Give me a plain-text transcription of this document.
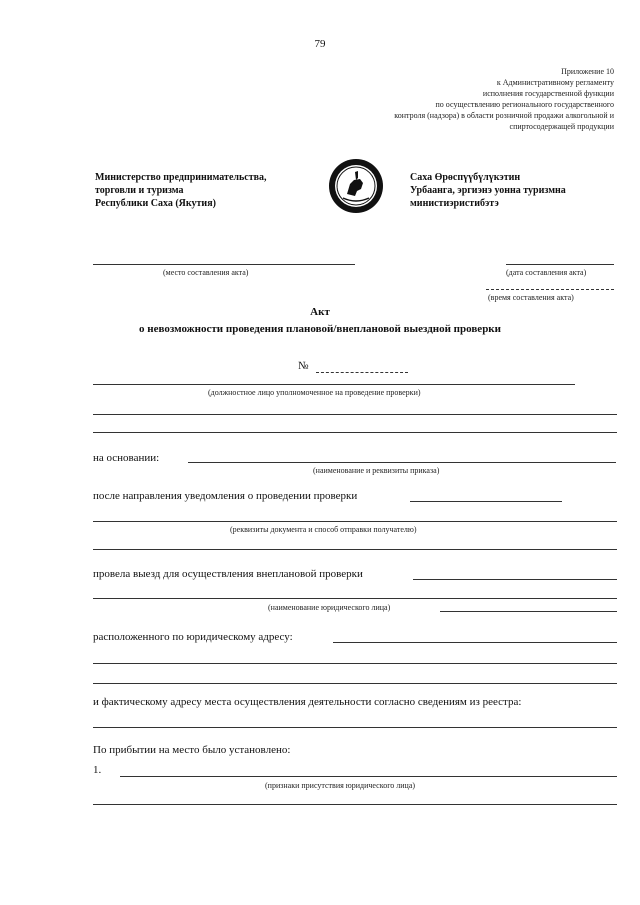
79
Приложение 10
к Административному регламенту
исполнения государственной функции
по осуществлению регионального государственного
контроля (надзора) в области розничной продажи алкогольной и
спиртосодержащей продукции
Министерство предпринимательства,
торговли и туризма
Республики Саха (Якутия)
Саха Өрөспүүбүлүкэтин
Урбаанга, эргиэнэ уонна туризмна
министиэристибэтэ
(место составления акта)	(дата составления акта)
(время составления акта)
Акт
о невозможности проведения плановой/внеплановой выездной проверки
№
(должностное лицо уполномоченное на проведение проверки)
на основании:
(наименование и реквизиты приказа)
после направления уведомления о проведении проверки
(реквизиты документа и способ отправки получателю)
провела выезд для осуществления внеплановой проверки
(наименование юридического лица)
расположенного по юридическому адресу:
и фактическому адресу места осуществления деятельности согласно сведениям из реестра:
По прибытии на место было установлено:
1.
(признаки присутствия юридического лица)
